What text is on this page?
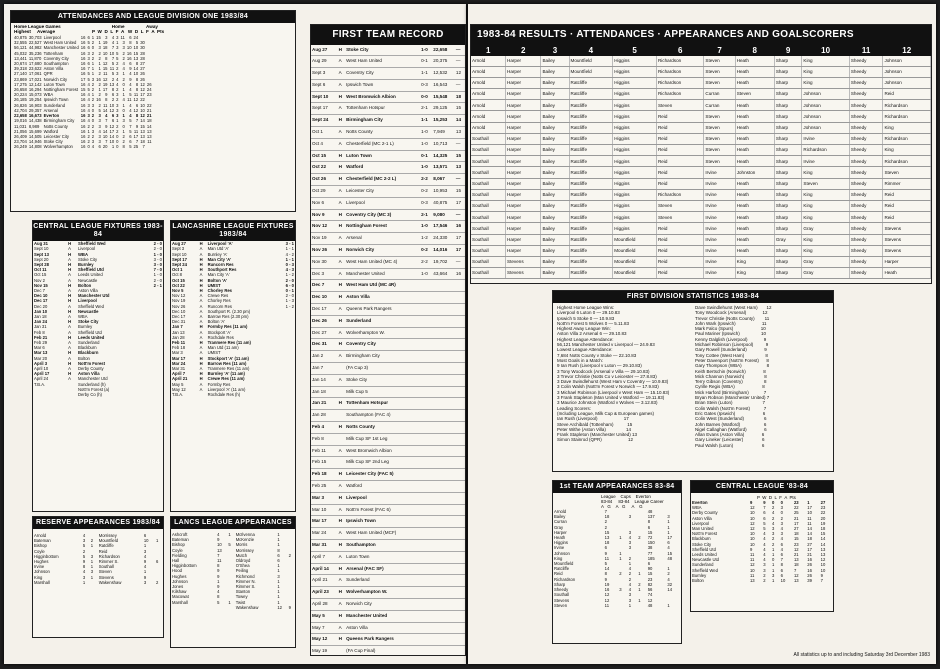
ATTENDANCES AND LEAGUE DIVISION ONE 1983/84
Home League Games                                        Home                 Away
Highest     Average                             P  W  D  L  F  A   W  D  L  F  A  Pts
40,875	30,703	Liverpool	16	6	1	15	3	4	3	11	6	24		
32,555	22,527	West Ham United	16	5	2	1	19	4	1	3	8	5	30	
56,121	44,982	Manchester United	16	6	0	3	18	7	3	3	10	10	30	
45,032	35,236	Tottenham	16	3	2	2	10	10	5	2	16	15	28	
13,441	11,870	Coventry City	16	3	2	2	8	7	5	2	16	13	28	
20,674	17,680	Southampton	16	6	1	1	12	5	2	4	6	8	27	
39,318	23,622	Aston Villa	16	7	1	1	15	11	2	4	9	14	27	
27,140	17,061	QPR	16	5	1	2	11	5	3	1	4	10	26	
23,869	17,021	Norwich City	17	5	3	16	12	2	4	2	9	8	26	
17,275	12,142	Luton Town	16	4	2	2	19	13	4	0	4	8	12	26
26,658	16,294	Nottingham Forest	15	5	2	1	17	8	2	1	4	8	12	24
20,224	15,073	WBA	16	4	1	2	9	6	3	1	5	11	17	23
26,185	19,254	Ipswich Town	16	4	2	16	8	2	2	4	11	12	22	
26,826	16,903	Sunderland	16	3	3	2	11	10	3	1	4	6	10	22
42,704	29,357	Arsenal	16	4	0	5	14	12	3	0	4	12	10	21
22,658	16,673	Everton	16	3	2	3	4	6	3	1	4	8	12	21
19,016	14,438	Birmingham City	16	4	0	3	7	6	1	3	5	7	14	18
11,031	8,989	Notts County	16	2	2	3	9	12	2	0	7	9	15	14
21,056	15,699	Watford	16	1	3	4	14	17	2	1	5	11	13	13
26,409	14,505	Leicester City	16	2	2	3	10	14	0	2	6	17	13	13
23,704	14,946	Stoke City	16	2	3	3	7	10	0	2	6	7	18	11
26,249	14,808	Wolverhampton	16	0	4	6	20	1	0	8	5	25	7	
CENTRAL LEAGUE FIXTURES 1983-84
Aug 31	H	Sheffield Wed	2 - 0
Sept 10	A	Liverpool	2 - 0
Sept 13	H	WBA	1 - 0
Sept 20	A	Stoke City	3 - 0
Sept 28	H	Burnley	3 - 0
Oct 11	H	Sheffield Utd	7 - 0
Oct 15	A	Leeds United	1 - 0
Nov 2	A	Newcastle	2 - 0
Nov 15	H	Bolton	2 - 1
Dec 7	A	Aston Villa	
Dec 10	H	Manchester Utd	
Dec 17	H	Liverpool	
Dec 20	A	Sheffield Wed	
Jan 10	H	Newcastle	
Jan 18	A	WBA	
Jan 24	H	Stoke City	
Jan 31	A	Burnley	
Feb 8	A	Sheffield Utd	
Feb 21	H	Leeds United	
Feb 29	A	Sunderland	
Mar 6	A	Blackburn	
Mar 13	H	Blackburn	
Mar 20	A	Bolton	
April 3	H	Nott'm Forest	
April 10	A	Derby County	
April 17	H	Aston Villa	
April 24	A	Manchester Utd	
T.B.A.		Sunderland (h)	
		Nott'm Forest (a)	
		Derby Co (h)	
LANCASHIRE LEAGUE FIXTURES 1983/84
Aug 27	H	Liverpool 'A'	3 - 1
Sept 3	A	Man Utd 'A'	1 - 1
Sept 10	A	Burnley 'A'	4 - 2
Sept 17	H	Man City 'A'	1 - 1
Sept 24	H	Runcorn Res	0 - 3
Oct 1	H	Southport Res	4 - 3
Oct 8	A	Man City 'A'	1 - 2
Oct 15	H	Bolton 'A'	2 - 0
Oct 22	H	UMIST	6 - 0
Nov 5	H	Chorley Res	0 - 1
Nov 12	A	Crewe Res	2 - 0
Nov 19	A	Chorley Res	1 - 3
Nov 26	A	Runcorn Res	1 - 2
Dec 10	A	Southport R. (2.30 pm)	
Dec 17	A	Barrow Res (2.30 pm)	
Dec 31	A	Bolton 'A'	
Jan 7	H	Formby Res (11 am)	
Jan 13	A	Stockport 'A'	
Jan 28	A	Rochdale Res	
Feb 11	H	Tranmere Res (11 am)	
Feb 18	A	Man Utd (11 am)	
Mar 3	A	UMIST	
Mar 17	H	Stockport 'A' (11 am)	
Mar 24	H	Barrow Res (11 am)	
Mar 31	A	Tranmere Res (11 am)	
April 7	H	Burnley 'A' (11 am)	
April 21	H	Crewe Res (11 am)	
May 5	A	Formby Res	
May 12	A	Liverpool 'A' (11 am)	
T.B.A.		Rochdale Res (h)	
RESERVE APPEARANCES 1983/84
Arnold	4		Morrissey	6	
Bateman	3	2	Mountfield	10	1
Bishop	5	1	Ratcliffe	1	
Coyle	2		Reid	3	
Higginbottom	5	3	Richardson	4	
Hughes	9	1	Rimmer S.	9	6
Irvine	8	1	Southall	4	
Johnson	4	3	Steven	1	
King	3	1	Stevens	9	
Marshall	1		Wakenshaw	3	2
LANCS LEAGUE APPEARANCES
Ashcroft	4	1	McIlvenna	1	
Bateman	9		McKenzie	1	
Bishop	10	5	Morris	1	
Coyle	13		Morrissey	8	
Fielding	7		Mutch	6	2
Hall	11		Oldroyd	6	
Higginbottom	8		O'Shea	1	
Hood	9		Peiling	1	
Hughes	9		Richmond	3	
Johnson	1		Rimmer N.	1	
Jones	9		Rimmer S.	1	
Kilshaw	4		Stanton	1	
Macowat	8		Towey	1	
Marshall	5	1	Twist	1	
			Wakenshaw	12	9
FIRST TEAM RECORD
Aug 27	H	Stoke City	1-0	22,658	—
Aug 29	A	West Ham United	0-1	20,375	—
Sept 3	A	Coventry City	1-1	12,532	12
Sept 6	A	Ipswich Town	0-3	16,543	—
Sept 10	H	West Bromwich Albion	0-0	15,548	18
Sept 17	A	Tottenham Hotspur	2-1	29,125	15
Sept 24	H	Birmingham City	1-1	15,253	14
Oct 1	A	Notts County	1-0	7,949	13
Oct 4	A	Chesterfield (MC 2-1 L)	1-0	10,713	—
Oct 15	H	Luton Town	0-1	14,325	15
Oct 22	H	Watford	1-0	13,571	13
Oct 26	H	Chesterfield (MC 2-2 L)	2-2	8,067	—
Oct 29	A	Leicester City	0-2	10,953	15
Nov 6	A	Liverpool	0-3	40,875	17
Nov 9	H	Coventry City (MC 3)	2-1	9,080	—
Nov 12	H	Nottingham Forest	1-0	17,546	16
Nov 19	A	Arsenal	1-2	24,330	17
Nov 26	H	Norwich City	0-2	14,016	17
Nov 30	A	West Ham United (MC 4)	2-2	19,702	—
Dec 3	A	Manchester United	1-0	43,664	16
Dec 7	H	West Ham Utd (MC 4R)			
Dec 10	H	Aston Villa			
Dec 17	A	Queens Park Rangers			
Dec 26	H	Sunderland			
Dec 27	A	Wolverhampton W.			
Dec 31	H	Coventry City			
Jan 2	A	Birmingham City			
Jan 7		(FA Cup 3)			
Jan 14	A	Stoke City			
Jan 18		Milk Cup 5			
Jan 21	H	Tottenham Hotspur			
Jan 28		Southampton (FAC 4)			
Feb 4	H	Notts County			
Feb 8		Milk Cup SF 1st Leg			
Feb 11	A	West Bromwich Albion			
Feb 15		Milk Cup SF 2nd Leg			
Feb 18	H	Leicester City (FAC 5)			
Feb 25	A	Watford			
Mar 3	H	Liverpool			
Mar 10	A	Nott'm Forest (FAC 6)			
Mar 17	H	Ipswich Town			
Mar 24	A	West Ham United (MCF)			
Mar 31	H	Southampton			
April 7	A	Luton Town			
April 14	H	Arsenal (FAC SF)			
April 21	A	Sunderland			
April 23	H	Wolverhampton W.			
April 28	A	Norwich City			
May 5	H	Manchester United			
May 7	A	Aston Villa			
May 12	H	Queens Park Rangers			
May 19		(FA Cup Final)			
1983-84 RESULTS · ATTENDANCES · APPEARANCES AND GOALSCORERS
1	2	3	4	5	6	7	8	9	10	11	12
Arnold	Harper	Bailey	Mountfield	Higgins	Richardson	Steven	Heath	Sharp	King	Sheedy	Johnson
Arnold	Harper	Bailey	Mountfield	Higgins	Richardson	Steven	Heath	Sharp	King	Sheedy	Johnson
Arnold	Harper	Bailey	Ratcliffe	Higgins	Richardson	Steven	Heath	Sharp	King	Sheedy	Johnson
Arnold	Harper	Bailey	Ratcliffe	Higgins	Richardson	Curran	Steven	Sharp	Johnson	Sheedy	Reid
Arnold	Harper	Bailey	Ratcliffe	Higgins	Steven	Curran	Heath	Sharp	Johnson	Sheedy	Richardson
Arnold	Harper	Bailey	Ratcliffe	Higgins	Reid	Steven	Heath	Sharp	Johnson	Sheedy	Richardson
Arnold	Harper	Bailey	Ratcliffe	Higgins	Reid	Steven	Heath	Sharp	Johnson	Sheedy	King
Southall	Harper	Bailey	Ratcliffe	Higgins	Reid	Steven	Heath	Sharp	Irvine	Sheedy	Richardson
Southall	Harper	Bailey	Ratcliffe	Higgins	Reid	Steven	Heath	Sharp	Richardson	Sheedy	King
Southall	Harper	Bailey	Ratcliffe	Higgins	Reid	Steven	Heath	Sharp	Irvine	Sheedy	Richardson
Southall	Harper	Bailey	Ratcliffe	Higgins	Reid	Irvine	Johnston	Sharp	King	Sheedy	Steven
Southall	Harper	Bailey	Ratcliffe	Higgins	Reid	Irvine	Heath	Sharp	Steven	Sheedy	Rimmer
Southall	Harper	Bailey	Ratcliffe	Higgins	Richardson	Irvine	Heath	Sharp	King	Sheedy	Reid
Southall	Harper	Bailey	Ratcliffe	Higgins	Steven	Irvine	Heath	Sharp	King	Sheedy	Reid
Southall	Harper	Bailey	Ratcliffe	Higgins	Steven	Irvine	Heath	Sharp	King	Sheedy	Reid
Southall	Harper	Bailey	Ratcliffe	Higgins	Reid	Irvine	Heath	Sharp	Gray	Sheedy	Stevens
Southall	Harper	Bailey	Ratcliffe	Mountfield	Reid	Irvine	Heath	Gray	King	Sheedy	Stevens
Southall	Harper	Bailey	Ratcliffe	Mountfield	Reid	Irvine	Heath	Sharp	King	Sheedy	Stevens
Southall	Stevens	Bailey	Ratcliffe	Mountfield	Reid	Irvine	King	Sharp	Gray	Sheedy	Harper
Southall	Stevens	Bailey	Ratcliffe	Mountfield	Reid	Irvine	King	Sharp	Gray	Sheedy	Heath
FIRST DIVISION STATISTICS 1983-84
Highest Home League Wins:
Liverpool 6 Luton 0 — 29.10.83
Ipswich 5 Stoke 0 — 10.9.83
Nott'm Forest 5 Wolves 0 — 5.11.83
Highest Away League Win:
Aston Villa 2 Arsenal 6 — 29.10.83
Highest League Attendance:
56,121 Manchester United v Liverpool — 24.9.83
Lowest League Attendance:
7,684 Notts County v Stoke — 22.10.83
Most Goals in a Match:
9 Ian Rush (Liverpool v Luton — 29.10.83)
3 Tony Woodcock (Arsenal v Villa — 29.10.83)
3 Trevor Christie (Notts Co v Leicester — 27.8.83)
3 Dave Swindlehurst (West Ham v Coventry — 10.9.83)
3 Colin Walsh (Nott'm Forest v Norwich — 17.9.83)
3 Michael Robinson (Liverpool v West Ham — 15.10.83)
3 Frank Stapleton (Man United v Watford — 19.11.83)
3 Maurice Johnston (Watford v Wolves — 3.12.83)
Leading Scorers:
(Including League, Milk Cup & European games)
Ian Rush (Liverpool)                     17
Steve Archibald (Tottenham)           15
Peter Withe (Aston Villa)                14
Frank Stapleton (Manchester United) 13
Simon Stainrod (QPR)                     12
Dave Swindlehurst (West Ham)       12
Tony Woodcock (Arsenal)             12
Trevor Christie (Notts County)        11
John Wark (Ipswich)                     11
Mark Falco (Spurs)                      10
Paul Mariner (Ipswich)                 10
Kenny Dalglish (Liverpool)             9
Michael Robinson (Liverpool)          9
Gary Rowell (Sunderland)              9
Tony Cottee (West Ham)                 8
Peter Davenport (Nott'm Forest)      8
Gary Thompson (WBA)                    8
Keith Bertschin (Norwich)              8
Mick Channon (Norwich)                8
Terry Gibson (Coventry)                 8
Cyrille Regis (WBA)                      8
Mick Harford (Birmingham)            7
Bryan Robson (Manchester United) 7
Brian Stein (Luton)                        7
Colin Walsh (Nott'm Forest)           7
Eric Gates (Ipswich)                      6
Colin West (Sunderland)                6
John Barnes (Watford)                   6
Nigel Callaghan (Watford)              6
Allan Evans (Aston Villa)              6
Gary Lineker (Leicester)               6
Paul Walsh (Luton)                       6
1st TEAM APPEARANCES 83-84
League    Cups    Everton
83-84     83-84    League Career
A   G    A   G     A    G
Arnold	7				48	
Bailey	18		3		137	3
Curran	2				8	1
Gray	2				6	1
Harper	15		3		15	1
Heath	13	1	4	2	72	17
Higgins	18		3		150	6
Irvine	6		3		38	4
Johnson	9	1			77	15
King	11	1	2		185	48
Mountfield	5		1		6	
Ratcliffe	14		4		90	1
Reid	8	2	2	1	15	2
Richardson	9		2		23	4
Sharp	19		4	2	82	32
Sheedy	16	3	4	1	56	14
Southall	12		3		74	
Stevens	12		3	1	12	
Steven	11		1		48	1
CENTRAL LEAGUE '83-84
P  W  D  L  F  A  Pts
Everton	9	9	0	0	23	1	27
WBA	12	7	2	3	22	17	23
Derby County	10	6	4	0	25	10	22
Aston Villa	10	6	2	2	21	11	20
Liverpool	12	5	4	3	17	11	19
Man United	12	5	3	4	27	14	18
Nott'm Forest	10	4	3	3	18	14	15
Blackburn	10	4	2	4	15	18	14
Stoke City	10	4	2	6	23	27	14
Sheffield Utd	9	4	1	4	12	17	13
Leeds United	11	4	1	6	21	21	13
Newcastle Utd	11	4	0	7	13	16	12
Sunderland	12	3	1	8	18	26	10
Sheffield Wed	10	3	1	6	7	16	10
Burnley	11	2	3	6	12	26	9
Bolton	13	2	1	10	13	39	7
All statistics up to and including Saturday 3rd December 1983
